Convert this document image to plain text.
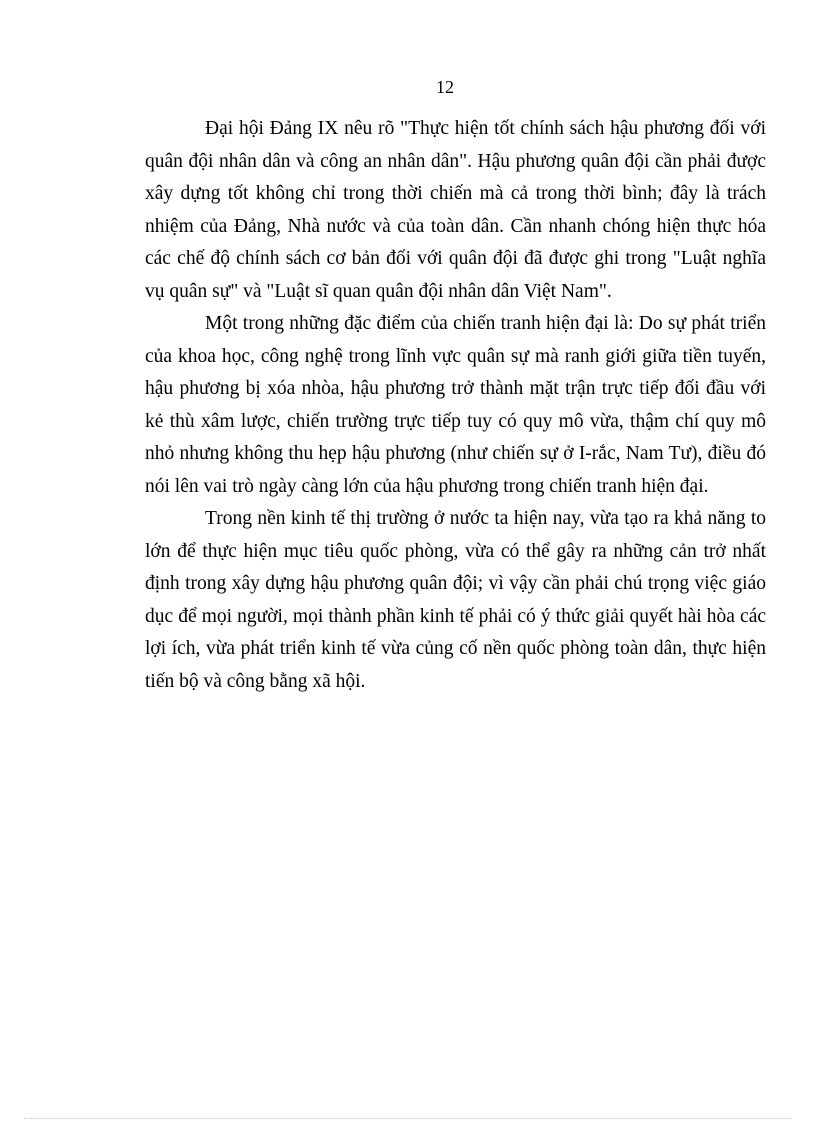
12

Đại hội Đảng IX nêu rõ "Thực hiện tốt chính sách hậu phương đối với quân đội nhân dân và công an nhân dân". Hậu phương quân đội cần phải được xây dựng tốt không chỉ trong thời chiến mà cả trong thời bình; đây là trách nhiệm của Đảng, Nhà nước và của toàn dân. Cần nhanh chóng hiện thực hóa các chế độ chính sách cơ bản đối với quân đội đã được ghi trong "Luật nghĩa vụ quân sự" và "Luật sĩ quan quân đội nhân dân Việt Nam".

Một trong những đặc điểm của chiến tranh hiện đại là: Do sự phát triển của khoa học, công nghệ trong lĩnh vực quân sự mà ranh giới giữa tiền tuyến, hậu phương bị xóa nhòa, hậu phương trở thành mặt trận trực tiếp đối đầu với kẻ thù xâm lược, chiến trường trực tiếp tuy có quy mô vừa, thậm chí quy mô nhỏ nhưng không thu hẹp hậu phương (như chiến sự ở I-rắc, Nam Tư), điều đó nói lên vai trò ngày càng lớn của hậu phương trong chiến tranh hiện đại.

Trong nền kinh tế thị trường ở nước ta hiện nay, vừa tạo ra khả năng to lớn để thực hiện mục tiêu quốc phòng, vừa có thể gây ra những cản trở nhất định trong xây dựng hậu phương quân đội; vì vậy cần phải chú trọng việc giáo dục để mọi người, mọi thành phần kinh tế phải có ý thức giải quyết hài hòa các lợi ích, vừa phát triển kinh tế vừa củng cố nền quốc phòng toàn dân, thực hiện tiến bộ và công bằng xã hội.
